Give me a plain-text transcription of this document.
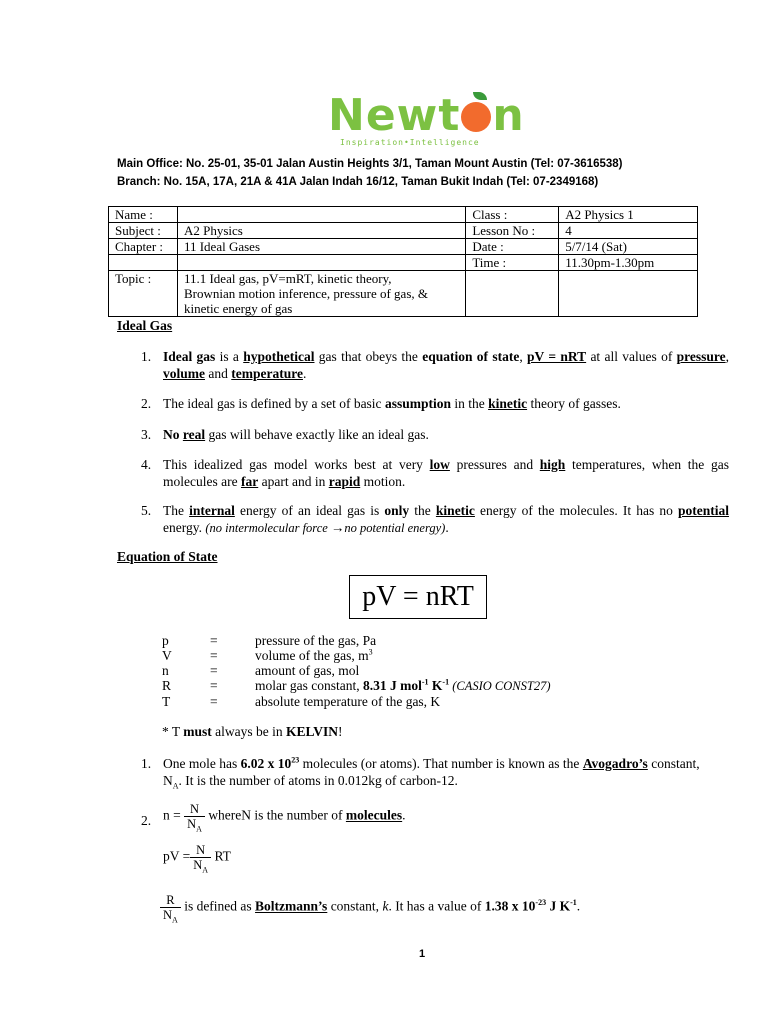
Newt n
Inspiration•Intelligence
Main Office: No. 25-01, 35-01 Jalan Austin Heights 3/1, Taman Mount Austin (Tel: 07-3616538)
Branch: No. 15A, 17A, 21A & 41A Jalan Indah 16/12, Taman Bukit Indah (Tel: 07-2349168)
Name :		Class :	A2 Physics 1
Subject :	A2 Physics	Lesson No :	4
Chapter :	11 Ideal Gases	Date :	5/7/14 (Sat)
		Time :	11.30pm-1.30pm
Topic :	11.1 Ideal gas, pV=mRT, kinetic theory,
Brownian motion inference, pressure of gas, &
kinetic energy of gas		

Ideal Gas
1. Ideal gas is a hypothetical gas that obeys the equation of state, pV = nRT at all values of pressure, volume and temperature.
2. The ideal gas is defined by a set of basic assumption in the kinetic theory of gasses.
3. No real gas will behave exactly like an ideal gas.
4. This idealized gas model works best at very low pressures and high temperatures, when the gas molecules are far apart and in rapid motion.
5. The internal energy of an ideal gas is only the kinetic energy of the molecules. It has no potential energy. (no intermolecular force →no potential energy).
Equation of State
pV = nRT
p	=	pressure of the gas, Pa
V	=	volume of the gas, $m^3$
n	=	amount of gas, mol
R	=	molar gas constant, 8.31 J mol$^{-1}$ $K^{-1}$ (CASIO CONST27)
T	=	absolute temperature of the gas, K
* T must always be in KELVIN!
1. One mole has 6.02 x $10^{23}$ molecules (or atoms). That number is known as the Avogadro’s constant,
$N_A$. It is the number of atoms in 0.012kg of carbon-12.
2. $n = \frac{N}{N_A}$ whereN is the number of molecules.
pV = $\frac{N}{N_A}$ RT
$\frac{R}{N_A}$ is defined as Boltzmann’s constant, k. It has a value of 1.38 x $10^{-23}$ J $K^{-1}$.
1
